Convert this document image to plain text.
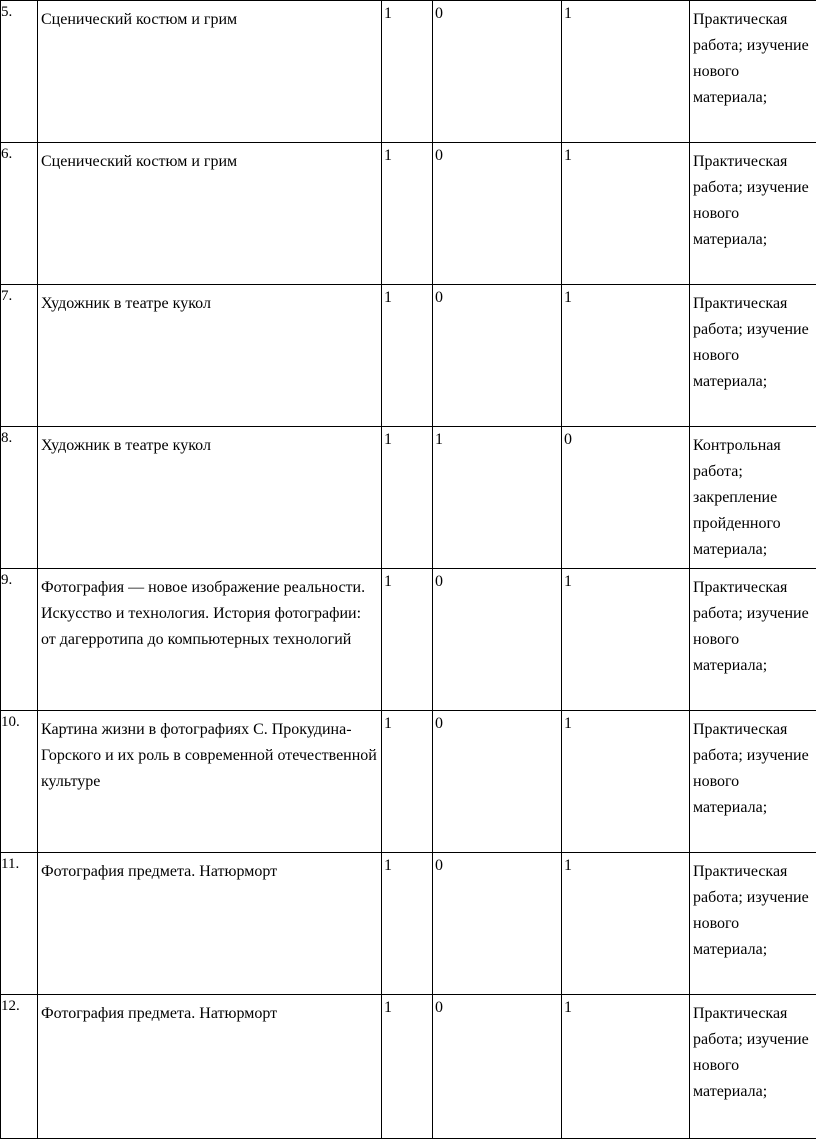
5.	Сценический костюм и грим	1	0	1	Практическая работа; изучение нового материала;

6.	Сценический костюм и грим	1	0	1	Практическая работа; изучение нового материала;

7.	Художник в театре кукол	1	0	1	Практическая работа; изучение нового материала;

8.	Художник в театре кукол	1	1	0	Контрольная работа; закрепление пройденного материала;

9.	Фотография — новое изображение реальности. Искусство и технология. История фотографии: от дагерротипа до компьютерных технологий	1	0	1	Практическая работа; изучение нового материала;

10.	Картина жизни в фотографиях С. Прокудина-Горского и их роль в современной отечественной культуре	1	0	1	Практическая работа; изучение нового материала;

11.	Фотография предмета. Натюрморт	1	0	1	Практическая работа; изучение нового материала;

12.	Фотография предмета. Натюрморт	1	0	1	Практическая работа; изучение нового материала;
